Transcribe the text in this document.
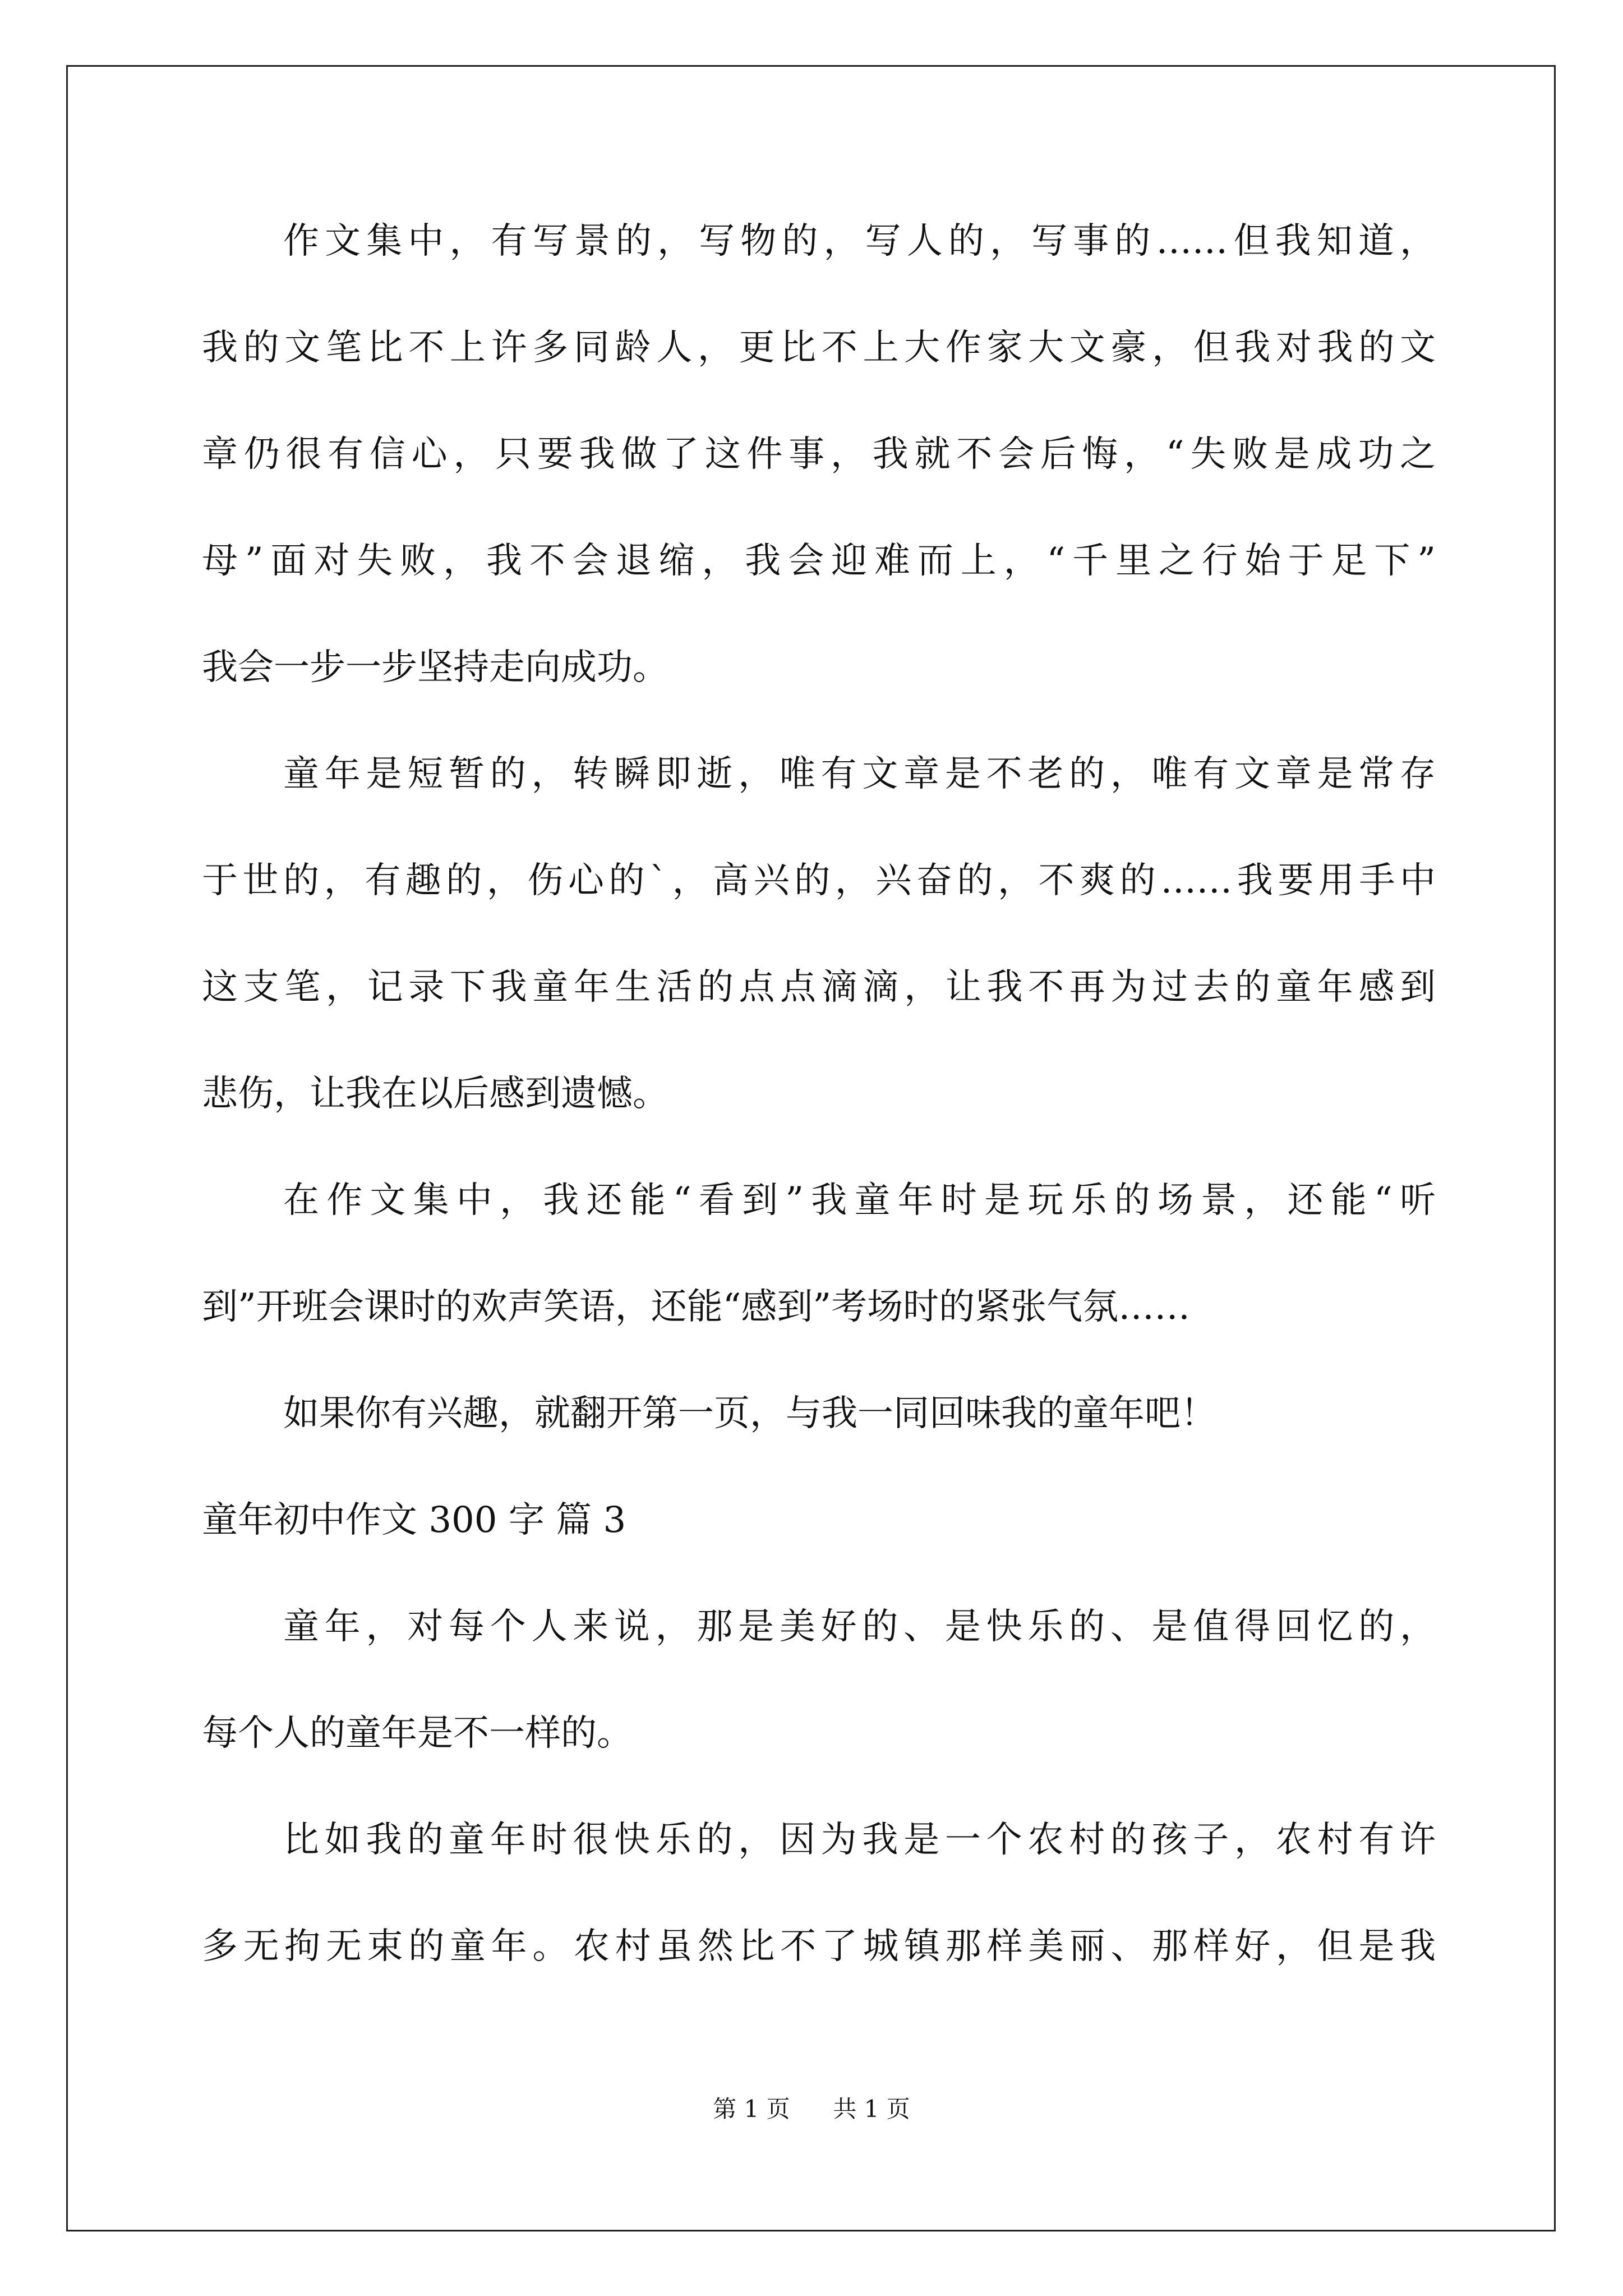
作文集中，有写景的，写物的，写人的，写事的……但我知道，
我的文笔比不上许多同龄人，更比不上大作家大文豪，但我对我的文
章仍很有信心，只要我做了这件事，我就不会后悔，“失败是成功之
母”面对失败，我不会退缩，我会迎难而上，“千里之行始于足下”
我会一步一步坚持走向成功。
童年是短暂的，转瞬即逝，唯有文章是不老的，唯有文章是常存
于世的，有趣的，伤心的`，高兴的，兴奋的，不爽的……我要用手中
这支笔，记录下我童年生活的点点滴滴，让我不再为过去的童年感到
悲伤，让我在以后感到遗憾。
在作文集中，我还能“看到”我童年时是玩乐的场景，还能“听
到”开班会课时的欢声笑语，还能“感到”考场时的紧张气氛……
如果你有兴趣，就翻开第一页，与我一同回味我的童年吧！
童年初中作文 300 字 篇 3
童年，对每个人来说，那是美好的、是快乐的、是值得回忆的，
每个人的童年是不一样的。
比如我的童年时很快乐的，因为我是一个农村的孩子，农村有许
多无拘无束的童年。农村虽然比不了城镇那样美丽、那样好，但是我
第 1 页 共 1 页
